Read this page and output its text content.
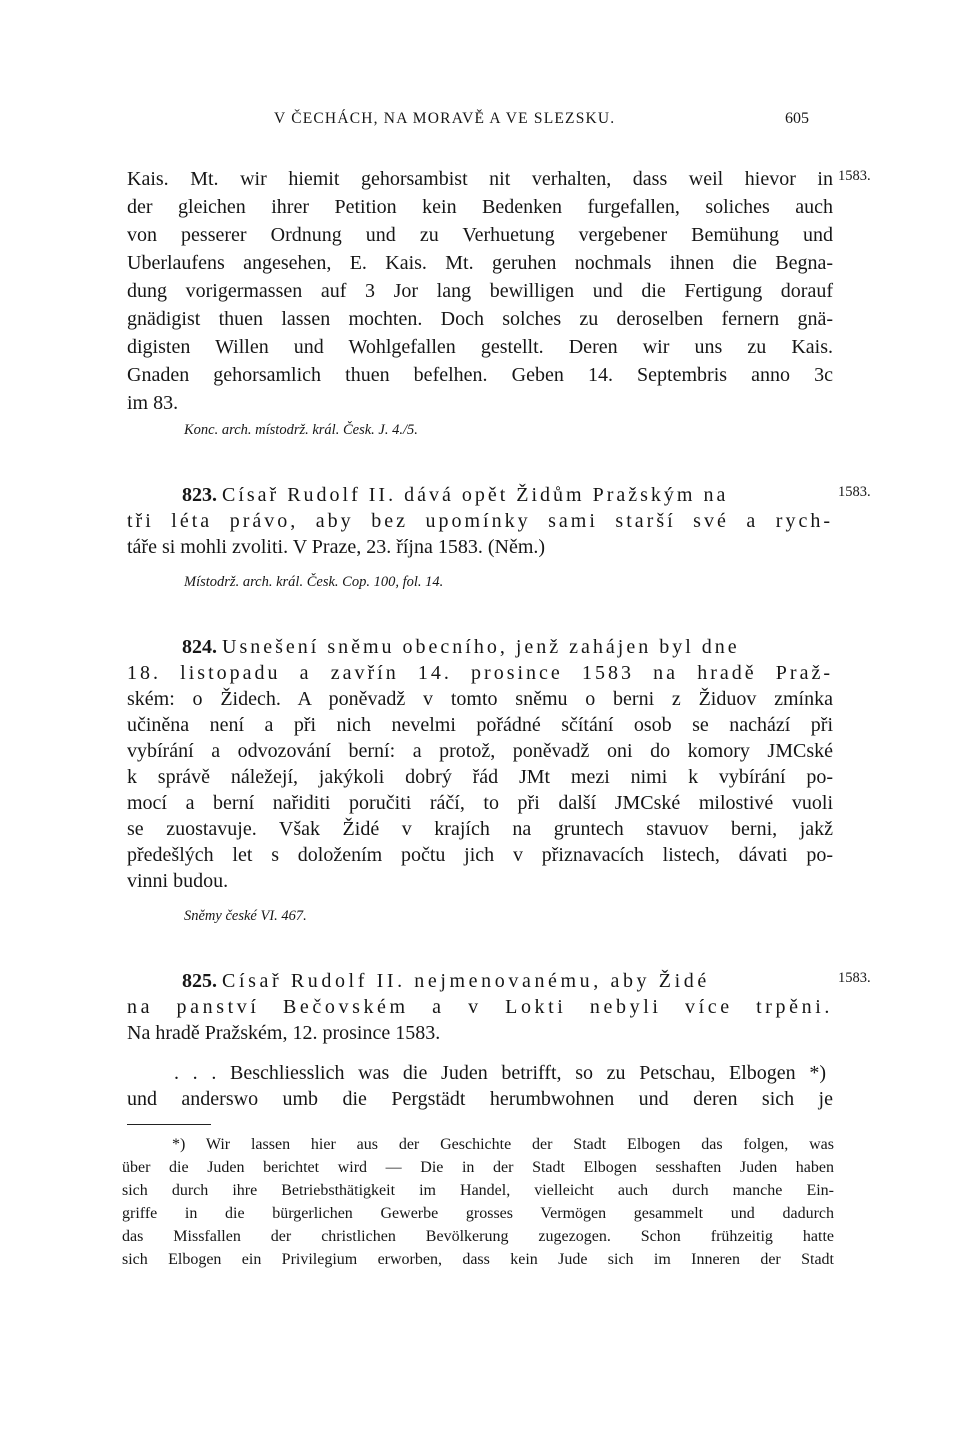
V ČECHÁCH, NA MORAVĚ A VE SLEZSKU.	605
Kais. Mt. wir hiemit gehorsambist nit verhalten, dass weil hievor in
der gleichen ihrer Petition kein Bedenken furgefallen, soliches auch
von pesserer Ordnung und zu Verhuetung vergebener Bemühung und
Uberlaufens angesehen, E. Kais. Mt. geruhen nochmals ihnen die Begna-
dung vorigermassen auf 3 Jor lang bewilligen und die Fertigung dorauf
gnädigist thuen lassen mochten. Doch solches zu deroselben fernern gnä-
digisten Willen und Wohlgefallen gestellt. Deren wir uns zu Kais.
Gnaden gehorsamlich thuen befelhen. Geben 14. Septembris anno 3c
im 83.
1583.
Konc. arch. místodrž. král. Česk. J. 4./5.
823. Císař Rudolf II. dává opět Židům Pražským na
tři léta právo, aby bez upomínky sami starší své a rych-
táře si mohli zvoliti. V Praze, 23. října 1583. (Něm.)
1583.
Místodrž. arch. král. Česk. Cop. 100, fol. 14.
824. Usnešení sněmu obecního, jenž zahájen byl dne
18. listopadu a zavřín 14. prosince 1583 na hradě Praž-
ském: o Židech. A poněvadž v tomto sněmu o berni z Židuov zmínka
učiněna není a při nich nevelmi pořádné sčítání osob se nachází při
vybírání a odvozování berní: a protož, poněvadž oni do komory JMCské
k správě náležejí, jakýkoli dobrý řád JMt mezi nimi k vybírání po-
mocí a berní nařiditi poručiti ráčí, to při další JMCské milostivé vuoli
se zuostavuje. Však Židé v krajích na gruntech stavuov berni, jakž
předešlých let s doložením počtu jich v přiznavacích listech, dávati po-
vinni budou.
Sněmy české VI. 467.
825. Císař Rudolf II. nejmenovanému, aby Židé
na panství Bečovském a v Lokti nebyli více trpěni.
Na hradě Pražském, 12. prosince 1583.
. . . Beschliesslich was die Juden betrifft, so zu Petschau, Elbogen *)
und anderswo umb die Pergstädt herumbwohnen und deren sich je
1583.
*) Wir lassen hier aus der Geschichte der Stadt Elbogen das folgen, was
über die Juden berichtet wird — Die in der Stadt Elbogen sesshaften Juden haben
sich durch ihre Betriebsthätigkeit im Handel, vielleicht auch durch manche Ein-
griffe in die bürgerlichen Gewerbe grosses Vermögen gesammelt und dadurch
das Missfallen der christlichen Bevölkerung zugezogen. Schon frühzeitig hatte
sich Elbogen ein Privilegium erworben, dass kein Jude sich im Inneren der Stadt
